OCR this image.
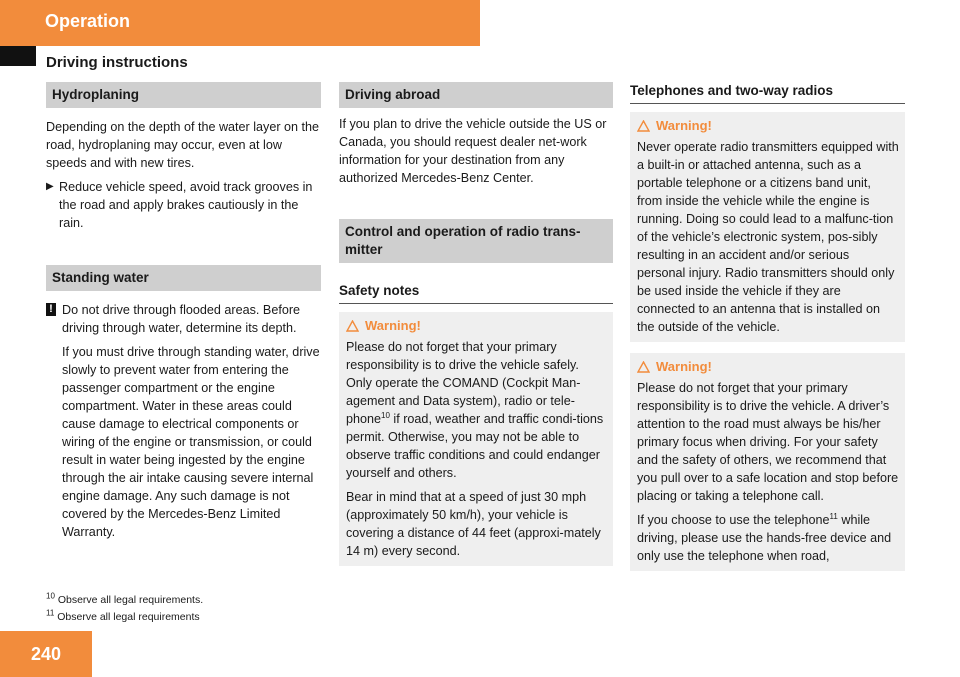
Operation
Driving instructions
Hydroplaning

Depending on the depth of the water layer on the road, hydroplaning may occur, even at low speeds and with new tires.

▶ Reduce vehicle speed, avoid track grooves in the road and apply brakes cautiously in the rain.

Standing water
! Do not drive through flooded areas. Before driving through water, determine its depth.

If you must drive through standing water, drive slowly to prevent water from entering the passenger compartment or the engine compartment. Water in these areas could cause damage to electrical components or wiring of the engine or transmission, or could result in water being ingested by the engine through the air intake causing severe internal engine damage. Any such damage is not covered by the Mercedes-Benz Limited Warranty.

Driving abroad

If you plan to drive the vehicle outside the US or Canada, you should request dealer net-work information for your destination from any authorized Mercedes-Benz Center.

Control and operation of radio trans-mitter
Safety notes
Warning!

Please do not forget that your primary responsibility is to drive the vehicle safely. Only operate the COMAND (Cockpit Man-agement and Data system), radio or tele-phone$^{10}$ if road, weather and traffic condi-tions permit. Otherwise, you may not be able to observe traffic conditions and could endanger yourself and others.

Bear in mind that at a speed of just 30 mph (approximately 50 km/h), your vehicle is covering a distance of 44 feet (approxi-mately 14 m) every second.

Telephones and two-way radios
Warning!

Never operate radio transmitters equipped with a built-in or attached antenna, such as a portable telephone or a citizens band unit, from inside the vehicle while the engine is running. Doing so could lead to a malfunc-tion of the vehicle’s electronic system, pos-sibly resulting in an accident and/or serious personal injury. Radio transmitters should only be used inside the vehicle if they are connected to an antenna that is installed on the outside of the vehicle.

Warning!

Please do not forget that your primary responsibility is to drive the vehicle. A driver’s attention to the road must always be his/her primary focus when driving. For your safety and the safety of others, we recommend that you pull over to a safe location and stop before placing or taking a telephone call.

If you choose to use the telephone$^{11}$ while driving, please use the hands-free device and only use the telephone when road,

$^{10}$ Observe all legal requirements.
$^{11}$ Observe all legal requirements
240
